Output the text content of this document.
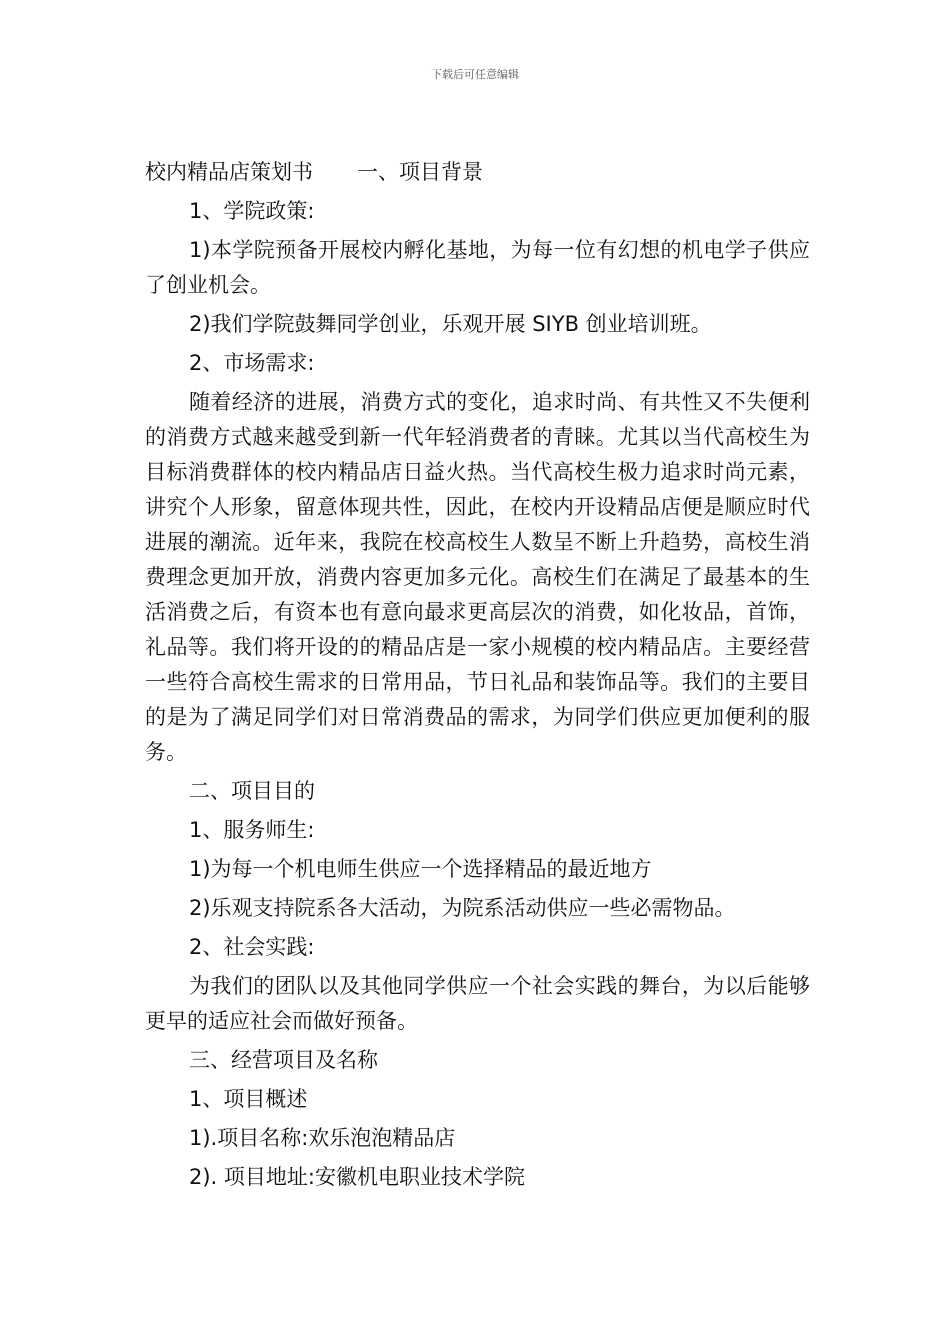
下载后可任意编辑

校内精品店策划书 一、项目背景

1、学院政策:

1)本学院预备开展校内孵化基地，为每一位有幻想的机电学子供应了创业机会。

2)我们学院鼓舞同学创业，乐观开展 SIYB 创业培训班。

2、市场需求:

随着经济的进展，消费方式的变化，追求时尚、有共性又不失便利的消费方式越来越受到新一代年轻消费者的青睐。尤其以当代高校生为目标消费群体的校内精品店日益火热。当代高校生极力追求时尚元素，讲究个人形象，留意体现共性，因此，在校内开设精品店便是顺应时代进展的潮流。近年来，我院在校高校生人数呈不断上升趋势，高校生消费理念更加开放，消费内容更加多元化。高校生们在满足了最基本的生活消费之后，有资本也有意向最求更高层次的消费，如化妆品，首饰，礼品等。我们将开设的的精品店是一家小规模的校内精品店。主要经营一些符合高校生需求的日常用品，节日礼品和装饰品等。我们的主要目的是为了满足同学们对日常消费品的需求，为同学们供应更加便利的服务。

二、项目目的

1、服务师生:

1)为每一个机电师生供应一个选择精品的最近地方

2)乐观支持院系各大活动，为院系活动供应一些必需物品。

2、社会实践:

为我们的团队以及其他同学供应一个社会实践的舞台，为以后能够更早的适应社会而做好预备。

三、经营项目及名称

1、项目概述

1).项目名称:欢乐泡泡精品店

2). 项目地址:安徽机电职业技术学院
